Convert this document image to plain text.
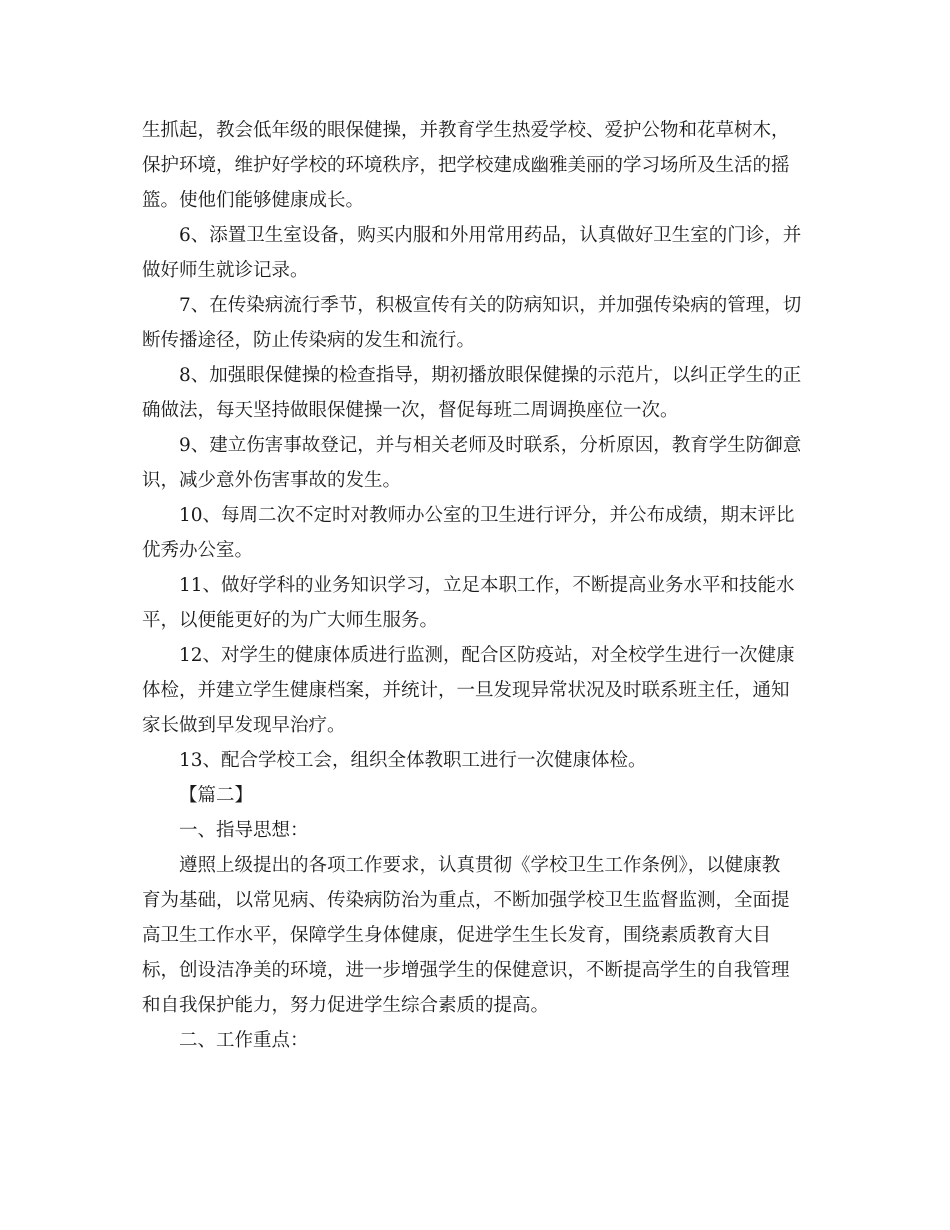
生抓起，教会低年级的眼保健操，并教育学生热爱学校、爱护公物和花草树木，
保护环境，维护好学校的环境秩序，把学校建成幽雅美丽的学习场所及生活的摇
篮。使他们能够健康成长。
6、添置卫生室设备，购买内服和外用常用药品，认真做好卫生室的门诊，并
做好师生就诊记录。
7、在传染病流行季节，积极宣传有关的防病知识，并加强传染病的管理，切
断传播途径，防止传染病的发生和流行。
8、加强眼保健操的检查指导，期初播放眼保健操的示范片，以纠正学生的正
确做法，每天坚持做眼保健操一次，督促每班二周调换座位一次。
9、建立伤害事故登记，并与相关老师及时联系，分析原因，教育学生防御意
识，减少意外伤害事故的发生。
10、每周二次不定时对教师办公室的卫生进行评分，并公布成绩，期末评比
优秀办公室。
11、做好学科的业务知识学习，立足本职工作，不断提高业务水平和技能水
平，以便能更好的为广大师生服务。
12、对学生的健康体质进行监测，配合区防疫站，对全校学生进行一次健康
体检，并建立学生健康档案，并统计，一旦发现异常状况及时联系班主任，通知
家长做到早发现早治疗。
13、配合学校工会，组织全体教职工进行一次健康体检。
【篇二】
一、指导思想：
遵照上级提出的各项工作要求，认真贯彻《学校卫生工作条例》，以健康教
育为基础，以常见病、传染病防治为重点，不断加强学校卫生监督监测，全面提
高卫生工作水平，保障学生身体健康，促进学生生长发育，围绕素质教育大目
标，创设洁净美的环境，进一步增强学生的保健意识，不断提高学生的自我管理
和自我保护能力，努力促进学生综合素质的提高。
二、工作重点：
